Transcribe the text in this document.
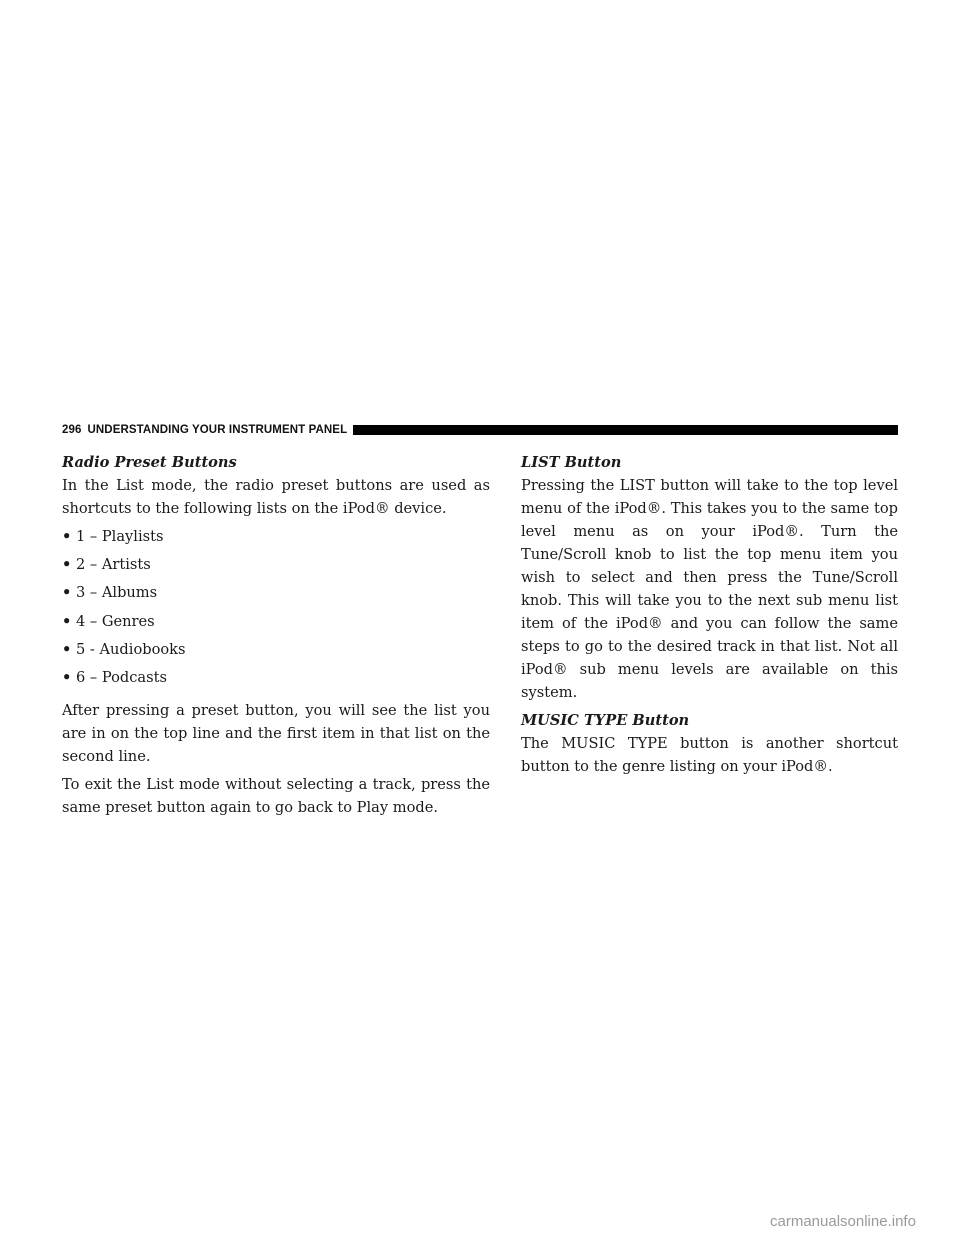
296 UNDERSTANDING YOUR INSTRUMENT PANEL
Radio Preset Buttons

In the List mode, the radio preset buttons are used as shortcuts to the following lists on the iPod® device.

• 1 – Playlists
• 2 – Artists
• 3 – Albums
• 4 – Genres
• 5 - Audiobooks
• 6 – Podcasts

After pressing a preset button, you will see the list you are in on the top line and the first item in that list on the second line.

To exit the List mode without selecting a track, press the same preset button again to go back to Play mode.

LIST Button

Pressing the LIST button will take to the top level menu of the iPod®. This takes you to the same top level menu as on your iPod®. Turn the Tune/Scroll knob to list the top menu item you wish to select and then press the Tune/Scroll knob. This will take you to the next sub menu list item of the iPod® and you can follow the same steps to go to the desired track in that list. Not all iPod® sub menu levels are available on this system.

MUSIC TYPE Button

The MUSIC TYPE button is another shortcut button to the genre listing on your iPod®.

carmanualsonline.info
